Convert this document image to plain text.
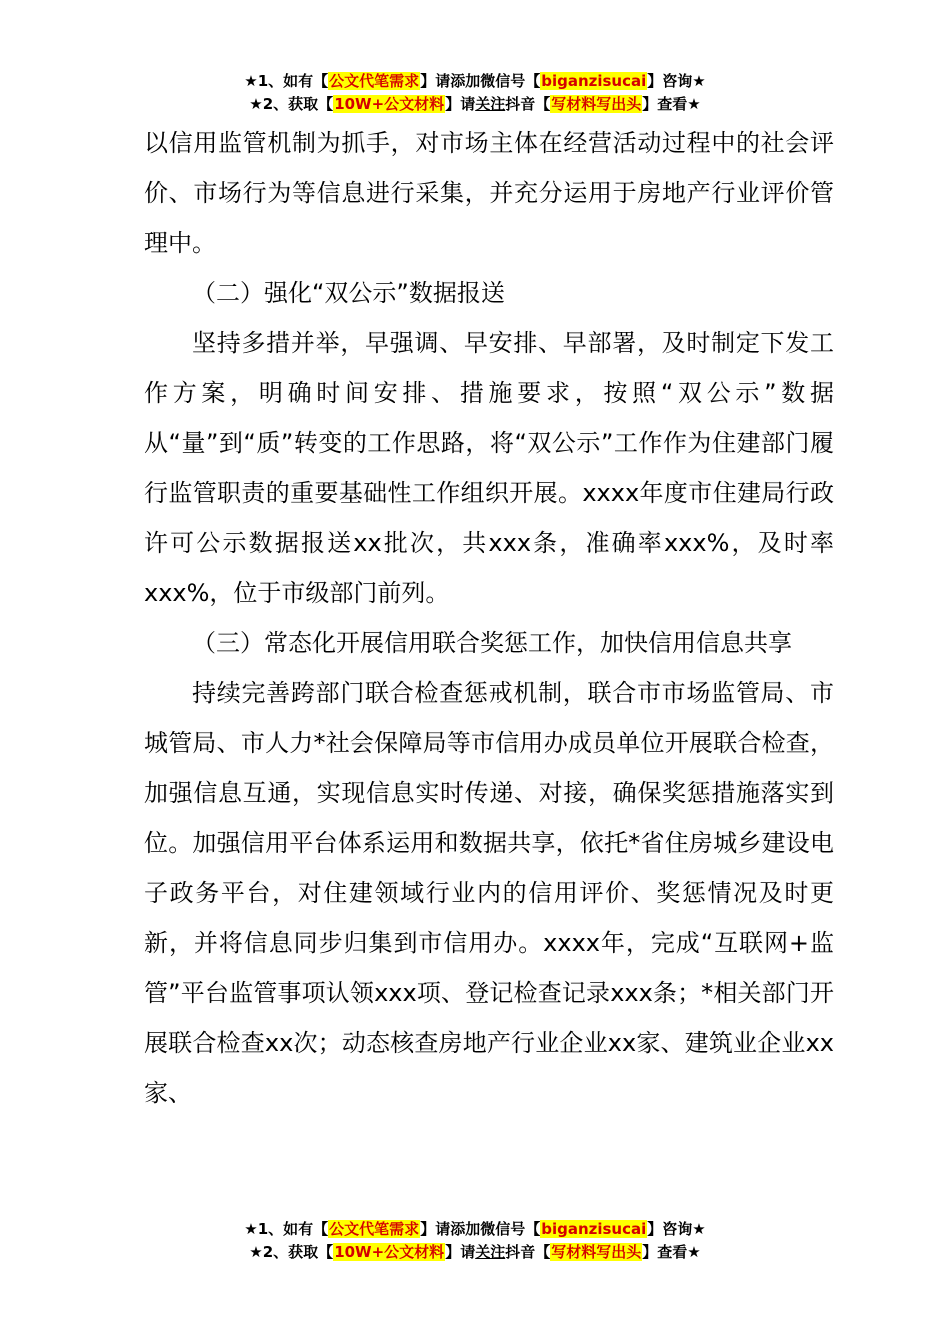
★1、如有【公文代笔需求】请添加微信号【biganzisucai】咨询★
★2、获取【10W+公文材料】请关注抖音【写材料写出头】查看★

以信用监管机制为抓手，对市场主体在经营活动过程中的社会评价、市场行为等信息进行采集，并充分运用于房地产行业评价管理中。

（二）强化“双公示”数据报送

坚持多措并举，早强调、早安排、早部署，及时制定下发工作方案，明确时间安排、措施要求，按照“双公示”数据从“量”到“质”转变的工作思路，将“双公示”工作作为住建部门履行监管职责的重要基础性工作组织开展。xxxx年度市住建局行政许可公示数据报送xx批次，共xxx条，准确率xxx%，及时率xxx%，位于市级部门前列。

（三）常态化开展信用联合奖惩工作，加快信用信息共享

持续完善跨部门联合检查惩戒机制，联合市市场监管局、市城管局、市人力*社会保障局等市信用办成员单位开展联合检查，加强信息互通，实现信息实时传递、对接，确保奖惩措施落实到位。加强信用平台体系运用和数据共享，依托*省住房城乡建设电子政务平台，对住建领域行业内的信用评价、奖惩情况及时更新，并将信息同步归集到市信用办。xxxx年，完成“互联网+监管”平台监管事项认领xxx项、登记检查记录xxx条；*相关部门开展联合检查xx次；动态核查房地产行业企业xx家、建筑业企业xx家、

★1、如有【公文代笔需求】请添加微信号【biganzisucai】咨询★
★2、获取【10W+公文材料】请关注抖音【写材料写出头】查看★
